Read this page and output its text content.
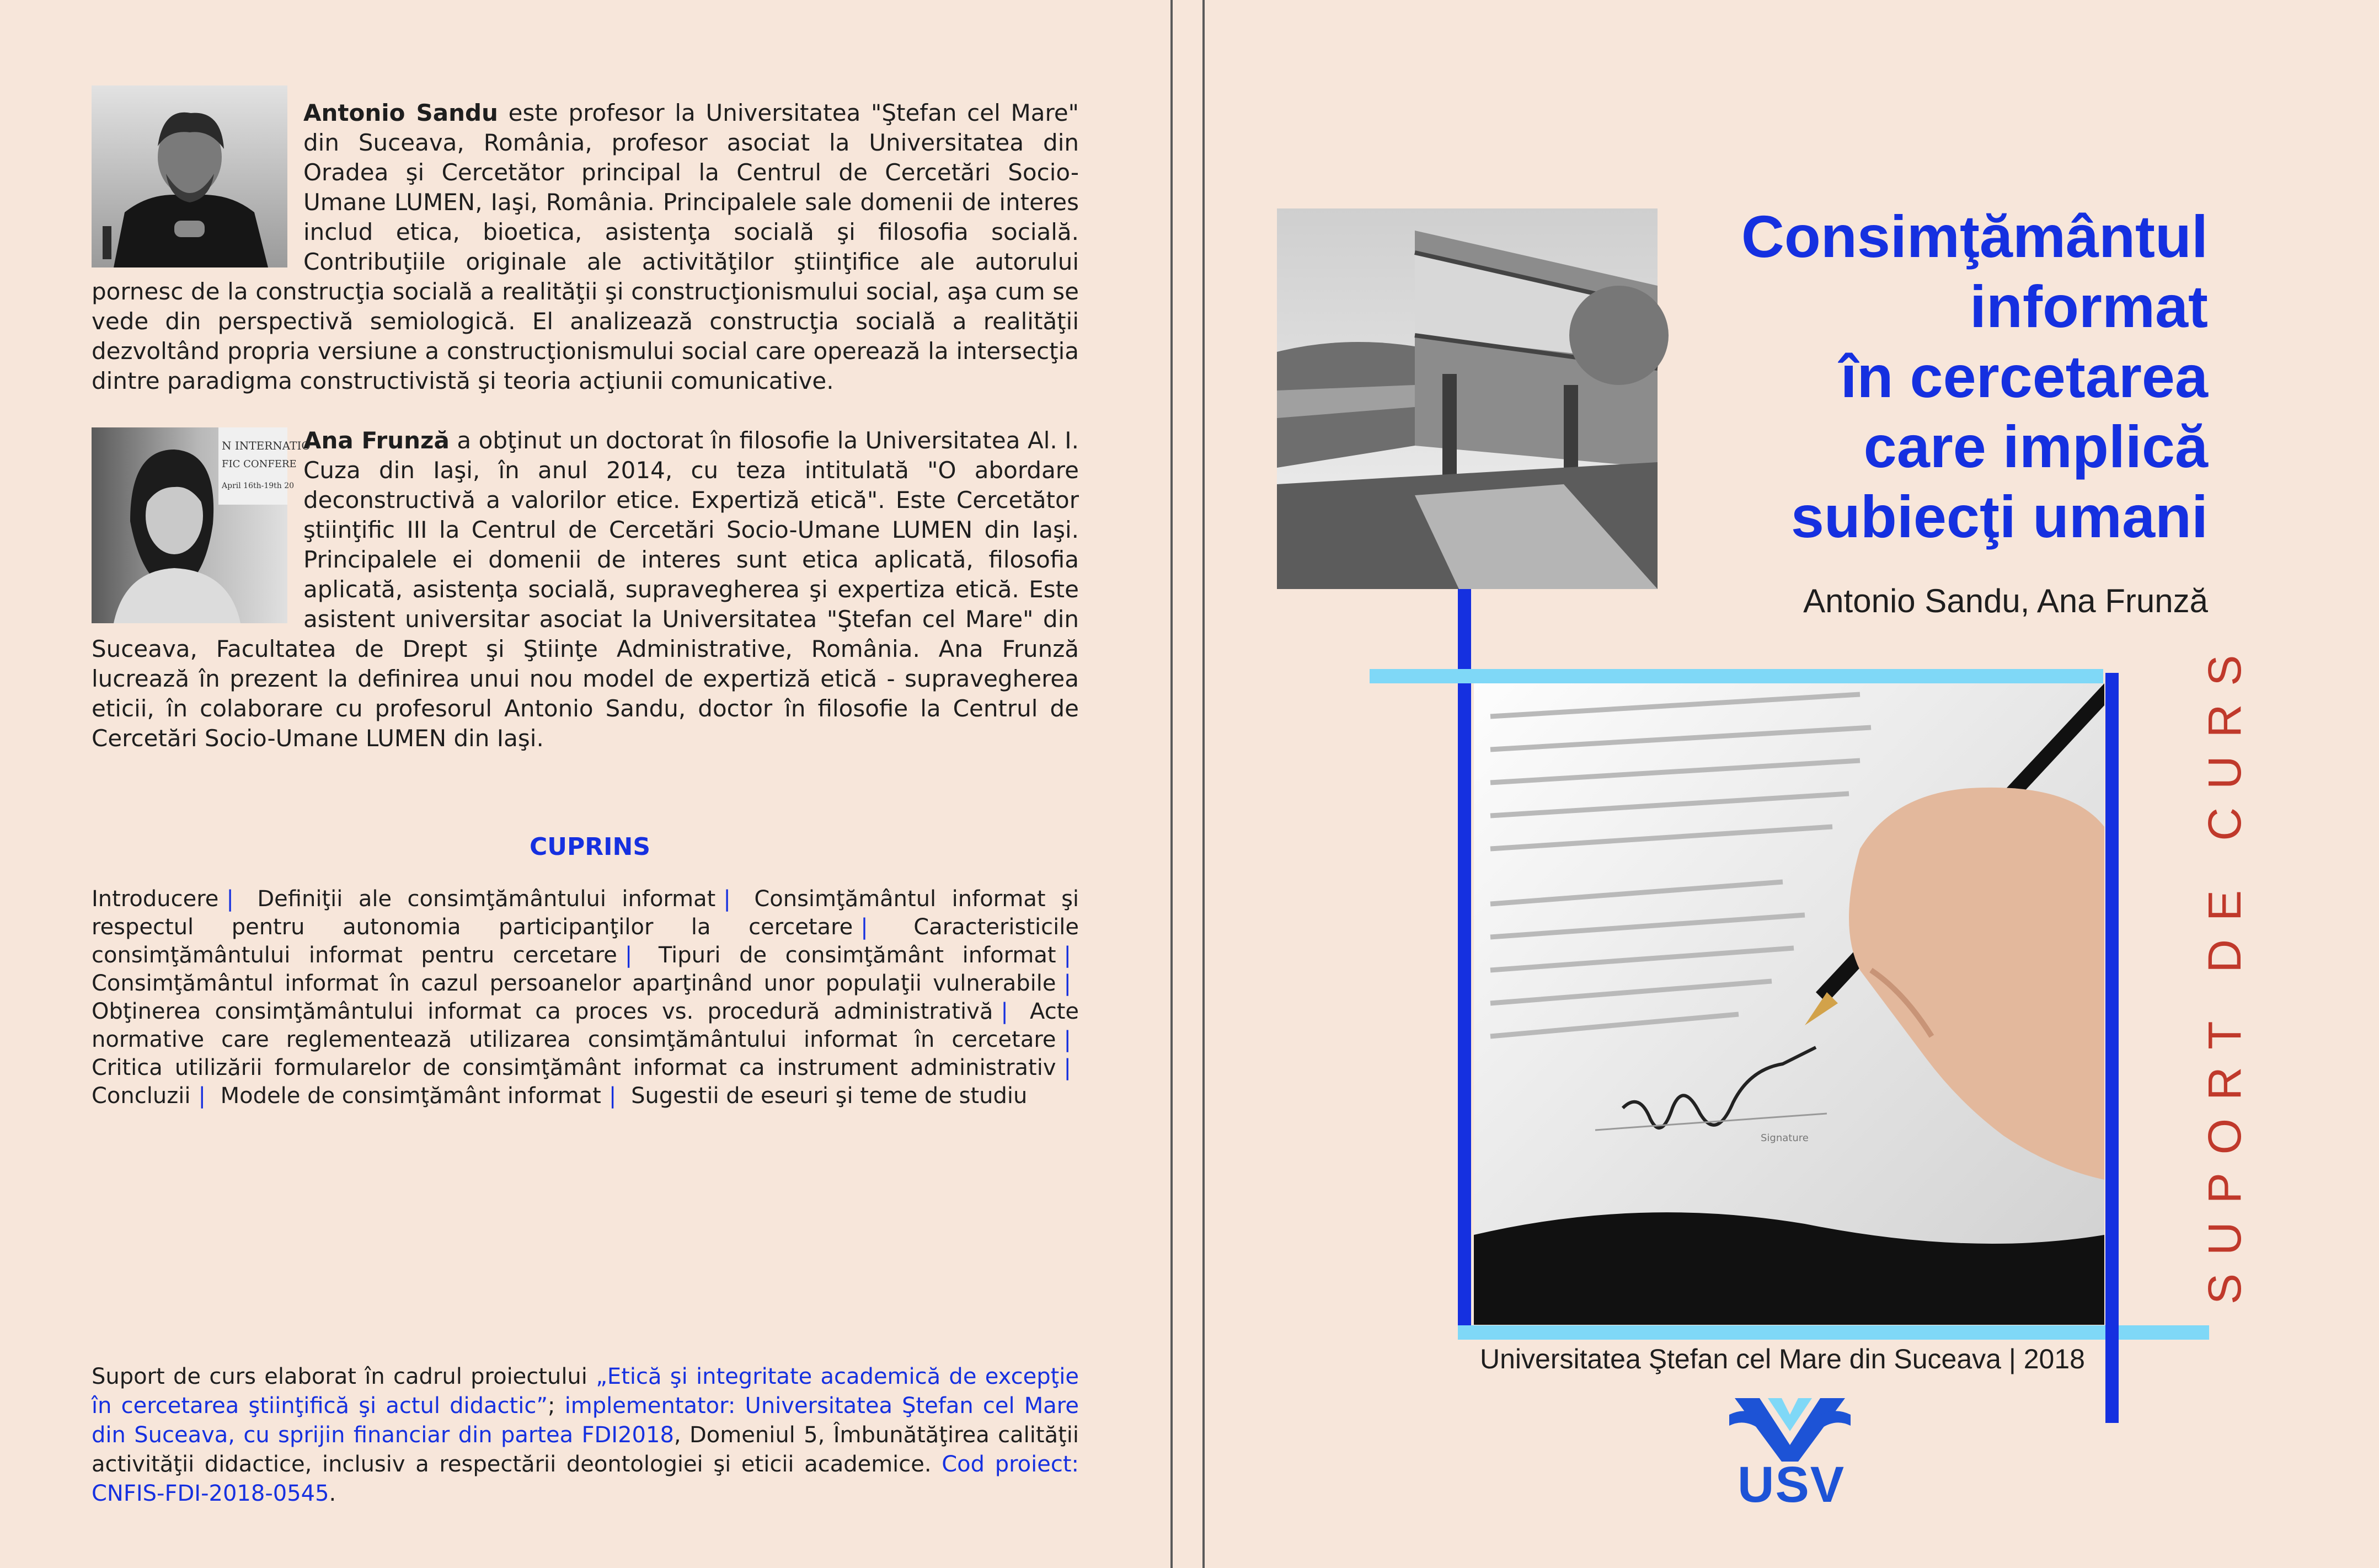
Antonio Sandu este profesor la Universitatea "Ştefan cel Mare" din Suceava, România, profesor asociat la Universitatea din Oradea şi Cercetător principal la Centrul de Cercetări Socio-Umane LUMEN, Iaşi, România. Principalele sale domenii de interes includ etica, bioetica, asistenţa socială şi filosofia socială. Contribuţiile originale ale activităţilor ştiinţifice ale autorului pornesc de la construcţia socială a realităţii şi construcţionismului social, aşa cum se vede din perspectivă semiologică. El analizează construcţia socială a realităţii dezvoltând propria versiune a construcţionismului social care operează la intersecţia dintre paradigma constructivistă şi teoria acţiunii comunicative.
N INTERNATIO
FIC CONFERE
April 16th-19th 20
Ana Frunză a obţinut un doctorat în filosofie la Universitatea Al. I. Cuza din Iaşi, în anul 2014, cu teza intitulată "O abordare deconstructivă a valorilor etice. Expertiză etică". Este Cercetător ştiinţific III la Centrul de Cercetări Socio-Umane LUMEN din Iaşi. Principalele ei domenii de interes sunt etica aplicată, filosofia aplicată, asistenţa socială, supravegherea şi expertiza etică. Este asistent universitar asociat la Universitatea "Ştefan cel Mare" din Suceava, Facultatea de Drept şi Ştiinţe Administrative, România. Ana Frunză lucrează în prezent la definirea unui nou model de expertiză etică - supravegherea eticii, în colaborare cu profesorul Antonio Sandu, doctor în filosofie la Centrul de Cercetări Socio-Umane LUMEN din Iaşi.
CUPRINS
Introducere | Definiţii ale consimţământului informat | Consimţământul informat şi respectul pentru autonomia participanţilor la cercetare | Caracteristicile consimţământului informat pentru cercetare | Tipuri de consimţământ informat | Consimţământul informat în cazul persoanelor aparţinând unor populaţii vulnerabile | Obţinerea consimţământului informat ca proces vs. procedură administrativă | Acte normative care reglementează utilizarea consimţământului informat în cercetare | Critica utilizării formularelor de consimţământ informat ca instrument administrativ | Concluzii | Modele de consimţământ informat | Sugestii de eseuri şi teme de studiu
Suport de curs elaborat în cadrul proiectului „Etică şi integritate academică de excepţie în cercetarea ştiinţifică şi actul didactic”; implementator: Universitatea Ştefan cel Mare din Suceava, cu sprijin financiar din partea FDI2018, Domeniul 5, Îmbunătăţirea calităţii activităţii didactice, inclusiv a respectării deontologiei şi eticii academice. Cod proiect: CNFIS-FDI-2018-0545.
Consimţământul
informat
în cercetarea
care implică
subiecţi umani
Antonio Sandu, Ana Frunză
Signature	SUPORT DE CURS
Universitatea Ştefan cel Mare din Suceava | 2018
USV
